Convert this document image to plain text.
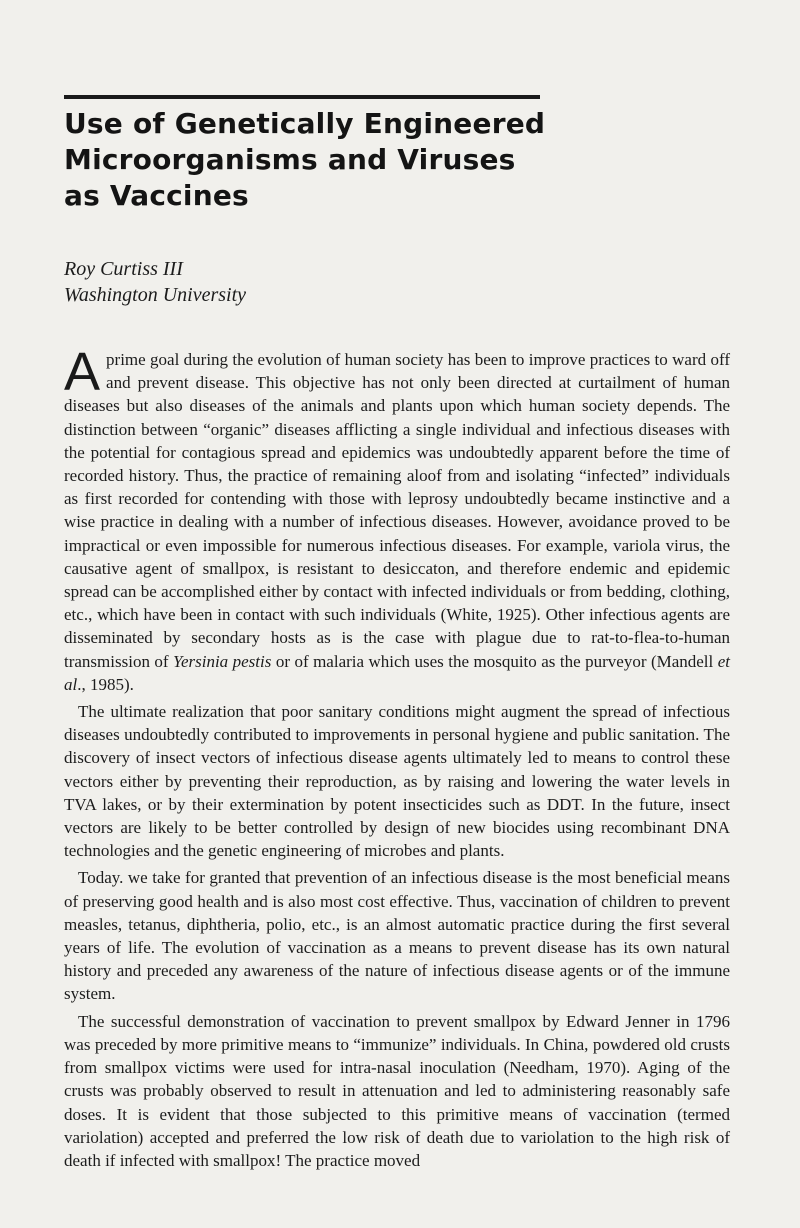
Use of Genetically Engineered
Microorganisms and Viruses
as Vaccines
Roy Curtiss III
Washington University

A prime goal during the evolution of human society has been to improve practices to ward off and prevent disease. This objective has not only been directed at curtailment of human diseases but also diseases of the animals and plants upon which human society depends. The distinction between “organic” diseases afflicting a single individual and infectious diseases with the potential for contagious spread and epidemics was undoubtedly apparent before the time of recorded history. Thus, the practice of remaining aloof from and isolating “infected” individuals as first recorded for contending with those with leprosy undoubtedly became instinctive and a wise practice in dealing with a number of infectious diseases. However, avoidance proved to be impractical or even impossible for numerous infectious diseases. For example, variola virus, the causative agent of smallpox, is resistant to desiccaton, and therefore endemic and epidemic spread can be accomplished either by contact with infected individuals or from bedding, clothing, etc., which have been in contact with such individuals (White, 1925). Other infectious agents are disseminated by secondary hosts as is the case with plague due to rat-to-flea-to-human transmission of Yersinia pestis or of malaria which uses the mosquito as the purveyor (Mandell et al., 1985).

The ultimate realization that poor sanitary conditions might augment the spread of infectious diseases undoubtedly contributed to improvements in personal hygiene and public sanitation. The discovery of insect vectors of infectious disease agents ultimately led to means to control these vectors either by preventing their reproduction, as by raising and lowering the water levels in TVA lakes, or by their extermination by potent insecticides such as DDT. In the future, insect vectors are likely to be better controlled by design of new biocides using recombinant DNA technologies and the genetic engineering of microbes and plants.

Today. we take for granted that prevention of an infectious disease is the most beneficial means of preserving good health and is also most cost effective. Thus, vaccination of children to prevent measles, tetanus, diphtheria, polio, etc., is an almost automatic practice during the first several years of life. The evolution of vaccination as a means to prevent disease has its own natural history and preceded any awareness of the nature of infectious disease agents or of the immune system.

The successful demonstration of vaccination to prevent smallpox by Edward Jenner in 1796 was preceded by more primitive means to “immunize” individuals. In China, powdered old crusts from smallpox victims were used for intra-nasal inoculation (Needham, 1970). Aging of the crusts was probably observed to result in attenuation and led to administering reasonably safe doses. It is evident that those subjected to this primitive means of vaccination (termed variolation) accepted and preferred the low risk of death due to variolation to the high risk of death if infected with smallpox! The practice moved
